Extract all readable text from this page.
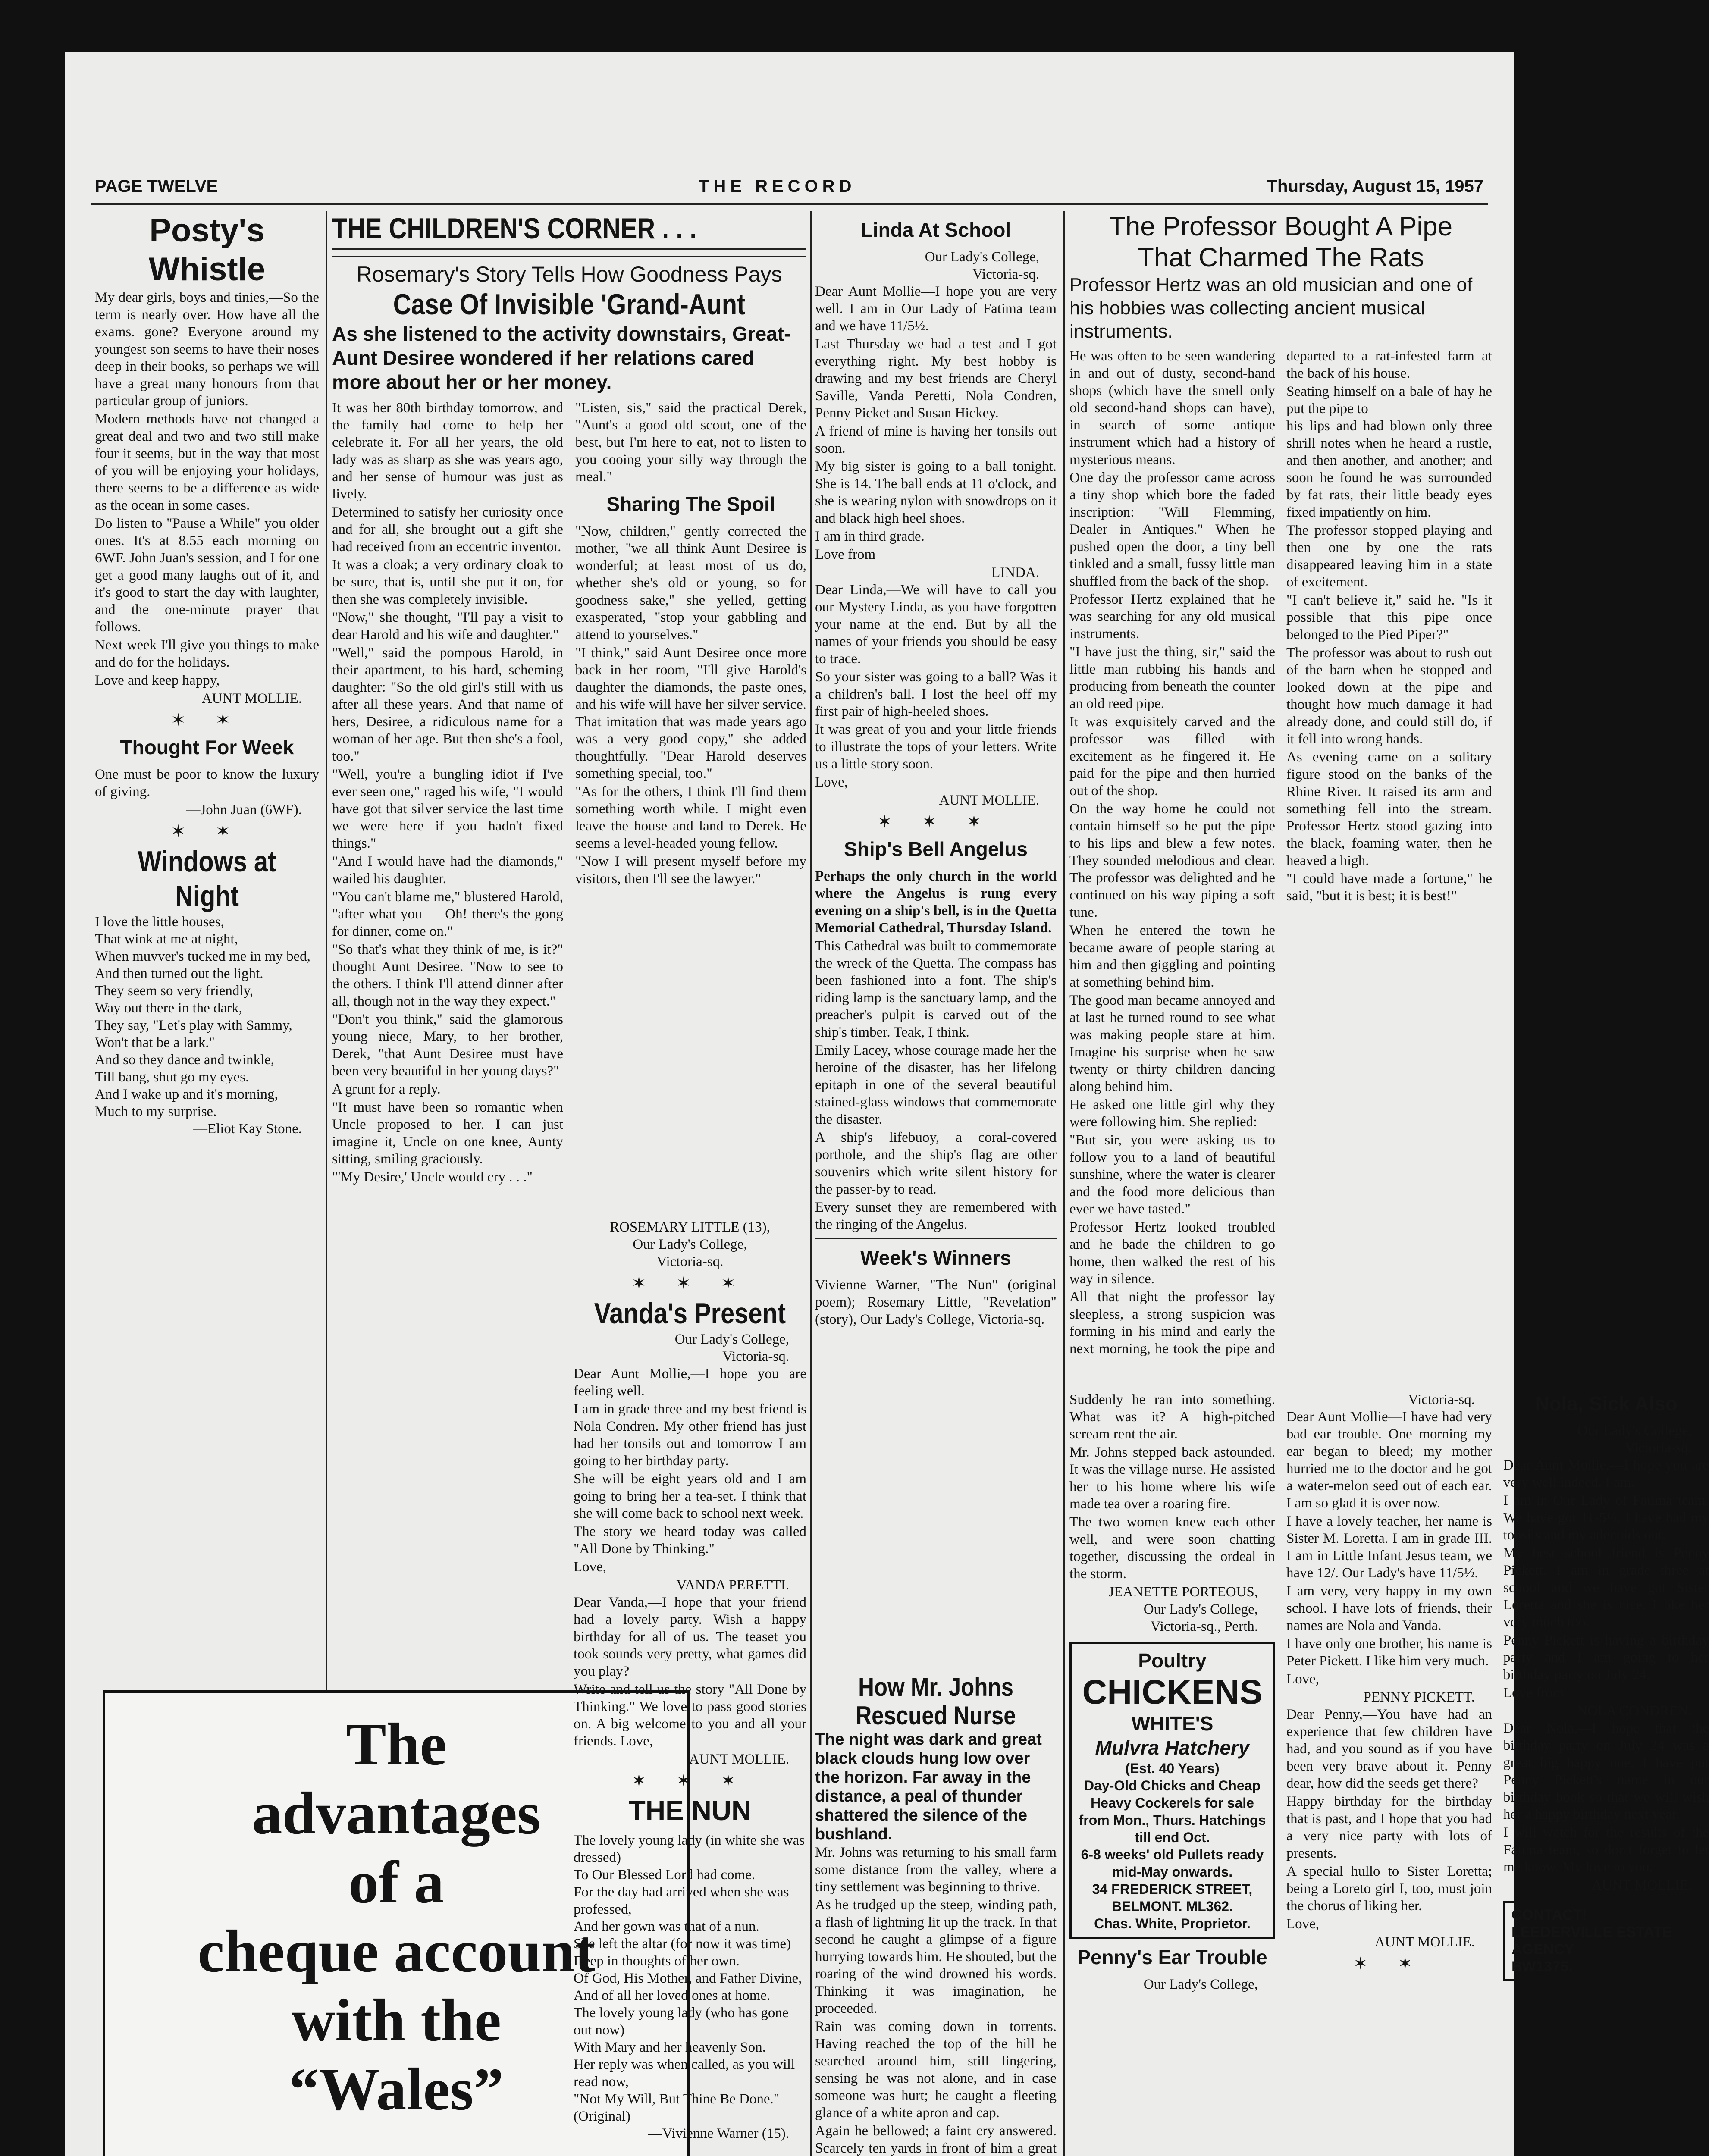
PAGE TWELVE	THE RECORD	Thursday, August 15, 1957
Posty's Whistle

My dear girls, boys and tinies,—So the term is nearly over. How have all the exams. gone? Everyone around my youngest son seems to have their noses deep in their books, so perhaps we will have a great many honours from that particular group of juniors.

Modern methods have not changed a great deal and two and two still make four it seems, but in the way that most of you will be enjoying your holidays, there seems to be a difference as wide as the ocean in some cases.

Do listen to "Pause a While" you older ones. It's at 8.55 each morning on 6WF. John Juan's session, and I for one get a good many laughs out of it, and it's good to start the day with laughter, and the one-minute prayer that follows.

Next week I'll give you things to make and do for the holidays.

Love and keep happy,

AUNT MOLLIE.
✶ ✶
Thought For Week

One must be poor to know the luxury of giving.

—John Juan (6WF).
✶ ✶
Windows at Night

I love the little houses,

That wink at me at night,

When muvver's tucked me in my bed,

And then turned out the light.

They seem so very friendly,

Way out there in the dark,

They say, "Let's play with Sammy,

Won't that be a lark."

And so they dance and twinkle,

Till bang, shut go my eyes.

And I wake up and it's morning,

Much to my surprise.

—Eliot Kay Stone.
The
advantages
of a
cheque account
with the
“Wales”

THE CHILDREN'S CORNER . . .
Rosemary's Story Tells How Goodness Pays
Case Of Invisible 'Grand-Aunt
As she listened to the activity downstairs, Great-Aunt Desiree wondered if her relations cared more about her or her money.

It was her 80th birthday tomorrow, and the family had come to help her celebrate it. For all her years, the old lady was as sharp as she was years ago, and her sense of humour was just as lively.

Determined to satisfy her curiosity once and for all, she brought out a gift she had received from an eccentric inventor.

It was a cloak; a very ordinary cloak to be sure, that is, until she put it on, for then she was completely invisible.

"Now," she thought, "I'll pay a visit to dear Harold and his wife and daughter."

"Well," said the pompous Harold, in their apartment, to his hard, scheming daughter: "So the old girl's still with us after all these years. And that name of hers, Desiree, a ridiculous name for a woman of her age. But then she's a fool, too."

"Well, you're a bungling idiot if I've ever seen one," raged his wife, "I would have got that silver service the last time we were here if you hadn't fixed things."

"And I would have had the diamonds," wailed his daughter.

"You can't blame me," blustered Harold, "after what you — Oh! there's the gong for dinner, come on."

"So that's what they think of me, is it?" thought Aunt Desiree. "Now to see to the others. I think I'll attend dinner after all, though not in the way they expect."

"Don't you think," said the glamorous young niece, Mary, to her brother, Derek, "that Aunt Desiree must have been very beautiful in her young days?"

A grunt for a reply.

"It must have been so romantic when Uncle proposed to her. I can just imagine it, Uncle on one knee, Aunty sitting, smiling graciously.

"'My Desire,' Uncle would cry . . ."

"Listen, sis," said the practical Derek, "Aunt's a good old scout, one of the best, but I'm here to eat, not to listen to you cooing your silly way through the meal."

Sharing The Spoil

"Now, children," gently corrected the mother, "we all think Aunt Desiree is wonderful; at least most of us do, whether she's old or young, so for goodness sake," she yelled, getting exasperated, "stop your gabbling and attend to yourselves."

"I think," said Aunt Desiree once more back in her room, "I'll give Harold's daughter the diamonds, the paste ones, and his wife will have her silver service. That imitation that was made years ago was a very good copy," she added thoughtfully. "Dear Harold deserves something special, too."

"As for the others, I think I'll find them something worth while. I might even leave the house and land to Derek. He seems a level-headed young fellow.

"Now I will present myself before my visitors, then I'll see the lawyer."

ROSEMARY LITTLE (13),
Our Lady's College,
Victoria-sq.
✶ ✶ ✶
Vanda's Present
Our Lady's College,
Victoria-sq.

Dear Aunt Mollie,—I hope you are feeling well.

I am in grade three and my best friend is Nola Condren. My other friend has just had her tonsils out and tomorrow I am going to her birthday party.

She will be eight years old and I am going to bring her a tea-set. I think that she will come back to school next week.

The story we heard today was called "All Done by Thinking."

Love,

VANDA PERETTI.

Dear Vanda,—I hope that your friend had a lovely party. Wish a happy birthday for all of us. The teaset you took sounds very pretty, what games did you play?

Write and tell us the story "All Done by Thinking." We love to pass good stories on. A big welcome to you and all your friends. Love,

AUNT MOLLIE.
✶ ✶ ✶
THE NUN

The lovely young lady (in white she was dressed)

To Our Blessed Lord had come.

For the day had arrived when she was professed,

And her gown was that of a nun.

She left the altar (for now it was time)

Deep in thoughts of her own.

Of God, His Mother, and Father Divine,

And of all her loved ones at home.

The lovely young lady (who has gone out now)

With Mary and her heavenly Son.

Her reply was when called, as you will read now,

"Not My Will, But Thine Be Done."

(Original)

—Vivienne Warner (15).
Linda At School
Our Lady's College,
Victoria-sq.

Dear Aunt Mollie—I hope you are very well. I am in Our Lady of Fatima team and we have 11/5½.

Last Thursday we had a test and I got everything right. My best hobby is drawing and my best friends are Cheryl Saville, Vanda Peretti, Nola Condren, Penny Picket and Susan Hickey.

A friend of mine is having her tonsils out soon.

My big sister is going to a ball tonight. She is 14. The ball ends at 11 o'clock, and she is wearing nylon with snowdrops on it and black high heel shoes.

I am in third grade.

Love from

LINDA.

Dear Linda,—We will have to call you our Mystery Linda, as you have forgotten your name at the end. But by all the names of your friends you should be easy to trace.

So your sister was going to a ball? Was it a children's ball. I lost the heel off my first pair of high-heeled shoes.

It was great of you and your little friends to illustrate the tops of your letters. Write us a little story soon.

Love,

AUNT MOLLIE.
✶ ✶ ✶
Ship's Bell Angelus

Perhaps the only church in the world where the Angelus is rung every evening on a ship's bell, is in the Quetta Memorial Cathedral, Thursday Island.

This Cathedral was built to commemorate the wreck of the Quetta. The compass has been fashioned into a font. The ship's riding lamp is the sanctuary lamp, and the preacher's pulpit is carved out of the ship's timber. Teak, I think.

Emily Lacey, whose courage made her the heroine of the disaster, has her lifelong epitaph in one of the several beautiful stained-glass windows that commemorate the disaster.

A ship's lifebuoy, a coral-covered porthole, and the ship's flag are other souvenirs which write silent history for the passer-by to read.

Every sunset they are remembered with the ringing of the Angelus.

Week's Winners

Vivienne Warner, "The Nun" (original poem); Rosemary Little, "Revelation" (story), Our Lady's College, Victoria-sq.

How Mr. Johns Rescued Nurse
The night was dark and great black clouds hung low over the horizon. Far away in the distance, a peal of thunder shattered the silence of the bushland.

Mr. Johns was returning to his small farm some distance from the valley, where a tiny settlement was beginning to thrive.

As he trudged up the steep, winding path, a flash of lightning lit up the track. In that second he caught a glimpse of a figure hurrying towards him. He shouted, but the roaring of the wind drowned his words. Thinking it was imagination, he proceeded.

Rain was coming down in torrents. Having reached the top of the hill he searched around him, still lingering, sensing he was not alone, and in case someone was hurt; he caught a fleeting glance of a white apron and cap.

Again he bellowed; a faint cry answered. Scarcely ten yards in front of him a great

The Professor Bought A Pipe
That Charmed The Rats
Professor Hertz was an old musician and one of his hobbies was collecting ancient musical instruments.

He was often to be seen wandering in and out of dusty, second-hand shops (which have the smell only old second-hand shops can have), in search of some antique instrument which had a history of mysterious means.

One day the professor came across a tiny shop which bore the faded inscription: "Will Flemming, Dealer in Antiques." When he pushed open the door, a tiny bell tinkled and a small, fussy little man shuffled from the back of the shop.

Professor Hertz explained that he was searching for any old musical instruments.

"I have just the thing, sir," said the little man rubbing his hands and producing from beneath the counter an old reed pipe.

It was exquisitely carved and the professor was filled with excitement as he fingered it. He paid for the pipe and then hurried out of the shop.

On the way home he could not contain himself so he put the pipe to his lips and blew a few notes. They sounded melodious and clear. The professor was delighted and he continued on his way piping a soft tune.

When he entered the town he became aware of people staring at him and then giggling and pointing at something behind him.

The good man became annoyed and at last he turned round to see what was making people stare at him. Imagine his surprise when he saw twenty or thirty children dancing along behind him.

He asked one little girl why they were following him. She replied:

"But sir, you were asking us to follow you to a land of beautiful sunshine, where the water is clearer and the food more delicious than ever we have tasted."

Professor Hertz looked troubled and he bade the children to go home, then walked the rest of his way in silence.

All that night the professor lay sleepless, a strong suspicion was forming in his mind and early the next morning, he took the pipe and departed to a rat-infested farm at the back of his house.

Seating himself on a bale of hay he put the pipe to

his lips and had blown only three shrill notes when he heard a rustle, and then another, and another; and soon he found he was surrounded by fat rats, their little beady eyes fixed impatiently on him.

The professor stopped playing and then one by one the rats disappeared leaving him in a state of excitement.

"I can't believe it," said he. "Is it possible that this pipe once belonged to the Pied Piper?"

The professor was about to rush out of the barn when he stopped and looked down at the pipe and thought how much damage it had already done, and could still do, if it fell into wrong hands.

As evening came on a solitary figure stood on the banks of the Rhine River. It raised its arm and something fell into the stream. Professor Hertz stood gazing into the black, foaming water, then he heaved a high.

"I could have made a fortune," he said, "but it is best; it is best!"

Suddenly he ran into something. What was it? A high-pitched scream rent the air.

Mr. Johns stepped back astounded. It was the village nurse. He assisted her to his home where his wife made tea over a roaring fire.

The two women knew each other well, and were soon chatting together, discussing the ordeal in the storm.

JEANETTE PORTEOUS,
Our Lady's College,
Victoria-sq., Perth.
Poultry
CHICKENS
WHITE'S
Mulvra Hatchery
(Est. 40 Years)
Day-Old Chicks and Cheap Heavy Cockerels for sale from Mon., Thurs. Hatchings till end Oct.
6-8 weeks' old Pullets ready mid-May onwards.
34 FREDERICK STREET, BELMONT. ML362.
Chas. White, Proprietor.
Penny's Ear Trouble
Our Lady's College,
Victoria-sq.

Dear Aunt Mollie—I have had very bad ear trouble. One morning my ear began to bleed; my mother hurried me to the doctor and he got a water-melon seed out of each ear. I am so glad it is over now.

I have a lovely teacher, her name is Sister M. Loretta. I am in grade III. I am in Little Infant Jesus team, we have 12/. Our Lady's have 11/5½.

I am very, very happy in my own school. I have lots of friends, their names are Nola and Vanda.

I have only one brother, his name is Peter Pickett. I like him very much.

Love,

PENNY PICKETT.

Dear Penny,—You have had an experience that few children have had, and you sound as if you have been very brave about it. Penny dear, how did the seeds get there?

Happy birthday for the birthday that is past, and I hope that you had a very nice party with lots of presents.

A special hullo to Sister Loretta; being a Loreto girl I, too, must join the chorus of liking her.

Love,

AUNT MOLLIE.
✶ ✶
Nola, Sick Also
Our Lady's College,
Victoria-sq.

Dear Aunt Mollie,—I hope you are very well indeed. I am.

I am in Our Lady of Fatima team. We have got 11-5½. I have had my tonsils and my adenoids out.

My best school friend is Penny Pickett. I am in grade three at school and we have got Sister Loretta and she is nice. I like her very much too.

Penny Pickett is having a birthday party and I am going to her birthday party on July 24.

Love from

NOLA CONDREN.

Dear Nola,—I hope that the birthday party on July 24 was a great big happy one. I have put Penny Pickett's name in our birthday book so that we will wish her a happy birthday next year.

I will watch for the results of the Fatima team, so don't forget to let me know. My love to you,

AUNT MOLLIE.
CONTACT!
LEEDERVILLE ESTATE
AGENCY
BW1375.
